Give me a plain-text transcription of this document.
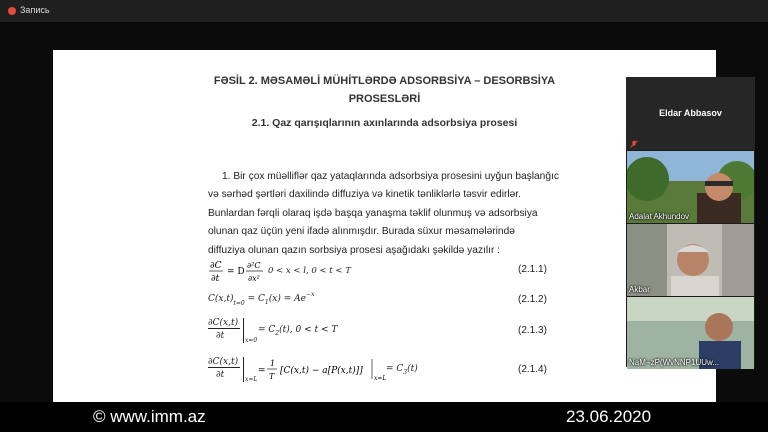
Запись
FƏSİL 2. MƏSAMƏLİ MÜHİTLƏRDƏ ADSORBSİYA – DESORBSİYA
PROSESLƏRİ
2.1. Qaz qarışıqlarının axınlarında adsorbsiya prosesi
1. Bir çox müəlliflər qaz yataqlarında adsorbsiya prosesini uyğun başlanğıc
və sərhəd şərtləri daxilində diffuziya və kinetik tənliklərlə təsvir edirlər.
Bunlardan fərqli olaraq işdə başqa yanaşma təklif olunmuş və adsorbsiya
olunan qaz üçün yeni ifadə alınmışdır. Burada süxur məsamələrində
diffuziya olunan qazın sorbsiya prosesi aşağıdakı şəkildə yazılır :
∂C
∂t
= D
∂²C
∂x²
0 < x < l, 0 < t < T	(2.1.1)
$C(x,t)_{t=0} = C_1(x) = Ae^{-x}$	(2.1.2)
∂C(x,t)
∂t	x=0
= $C_2(t)$, 0 < t < T	(2.1.3)
∂C(x,t)
∂t	x=L
=
1
T
[C(x,t) − a[P(x,t)]]
x=L
= $C_3(t)$	(2.1.4)
Eldar Abbasov
Adalat Akhundov
Akbar
NaM−zP(WvNNP1UUw...
© www.imm.az	23.06.2020
